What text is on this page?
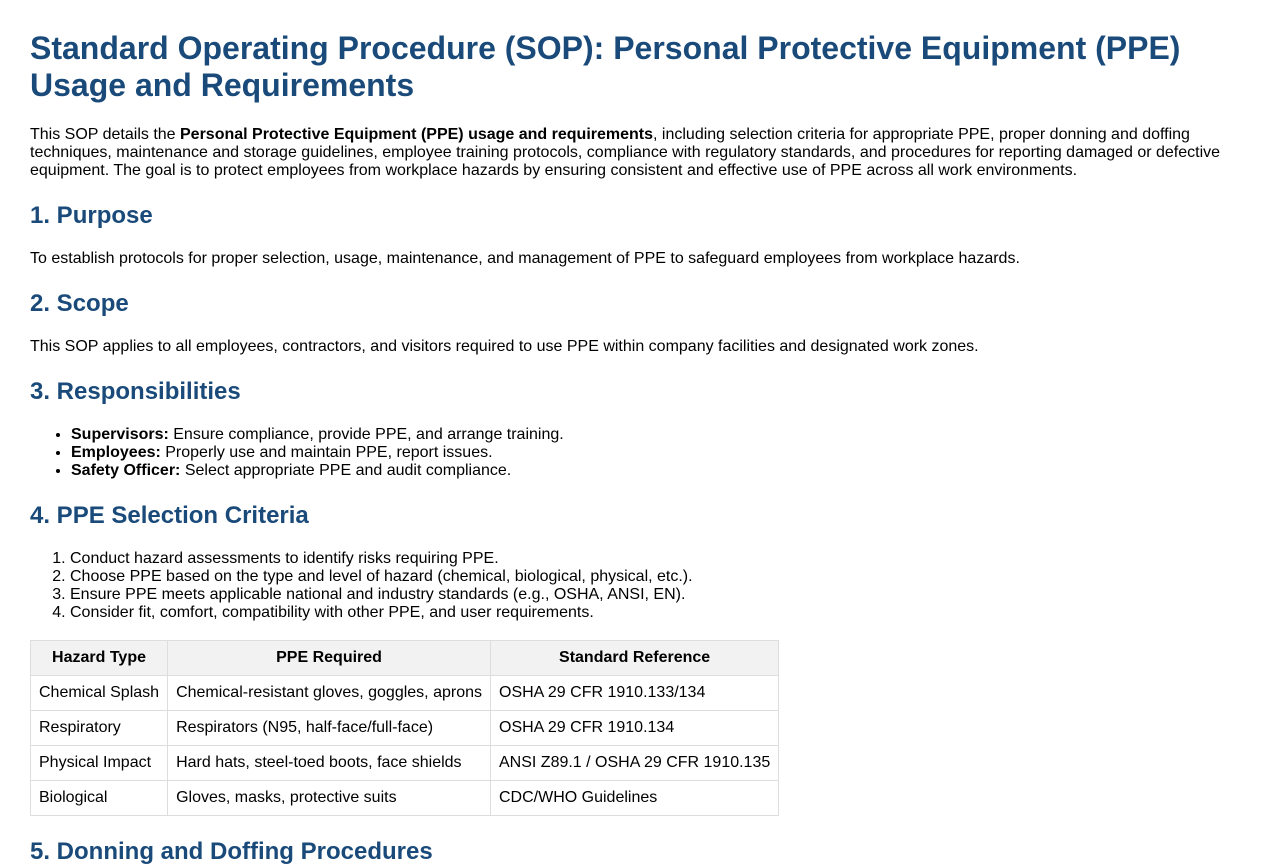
Standard Operating Procedure (SOP): Personal Protective Equipment (PPE)
Usage and Requirements

This SOP details the Personal Protective Equipment (PPE) usage and requirements, including selection criteria for appropriate PPE, proper donning and doffing techniques, maintenance and storage guidelines, employee training protocols, compliance with regulatory standards, and procedures for reporting damaged or defective equipment. The goal is to protect employees from workplace hazards by ensuring consistent and effective use of PPE across all work environments.

1. Purpose

To establish protocols for proper selection, usage, maintenance, and management of PPE to safeguard employees from workplace hazards.

2. Scope

This SOP applies to all employees, contractors, and visitors required to use PPE within company facilities and designated work zones.

3. Responsibilities
• Supervisors: Ensure compliance, provide PPE, and arrange training.
• Employees: Properly use and maintain PPE, report issues.
• Safety Officer: Select appropriate PPE and audit compliance.
4. PPE Selection Criteria
1. Conduct hazard assessments to identify risks requiring PPE.
2. Choose PPE based on the type and level of hazard (chemical, biological, physical, etc.).
3. Ensure PPE meets applicable national and industry standards (e.g., OSHA, ANSI, EN).
4. Consider fit, comfort, compatibility with other PPE, and user requirements.
Hazard Type	PPE Required	Standard Reference
Chemical Splash	Chemical-resistant gloves, goggles, aprons	OSHA 29 CFR 1910.133/134
Respiratory	Respirators (N95, half-face/full-face)	OSHA 29 CFR 1910.134
Physical Impact	Hard hats, steel-toed boots, face shields	ANSI Z89.1 / OSHA 29 CFR 1910.135
Biological	Gloves, masks, protective suits	CDC/WHO Guidelines
5. Donning and Doffing Procedures
